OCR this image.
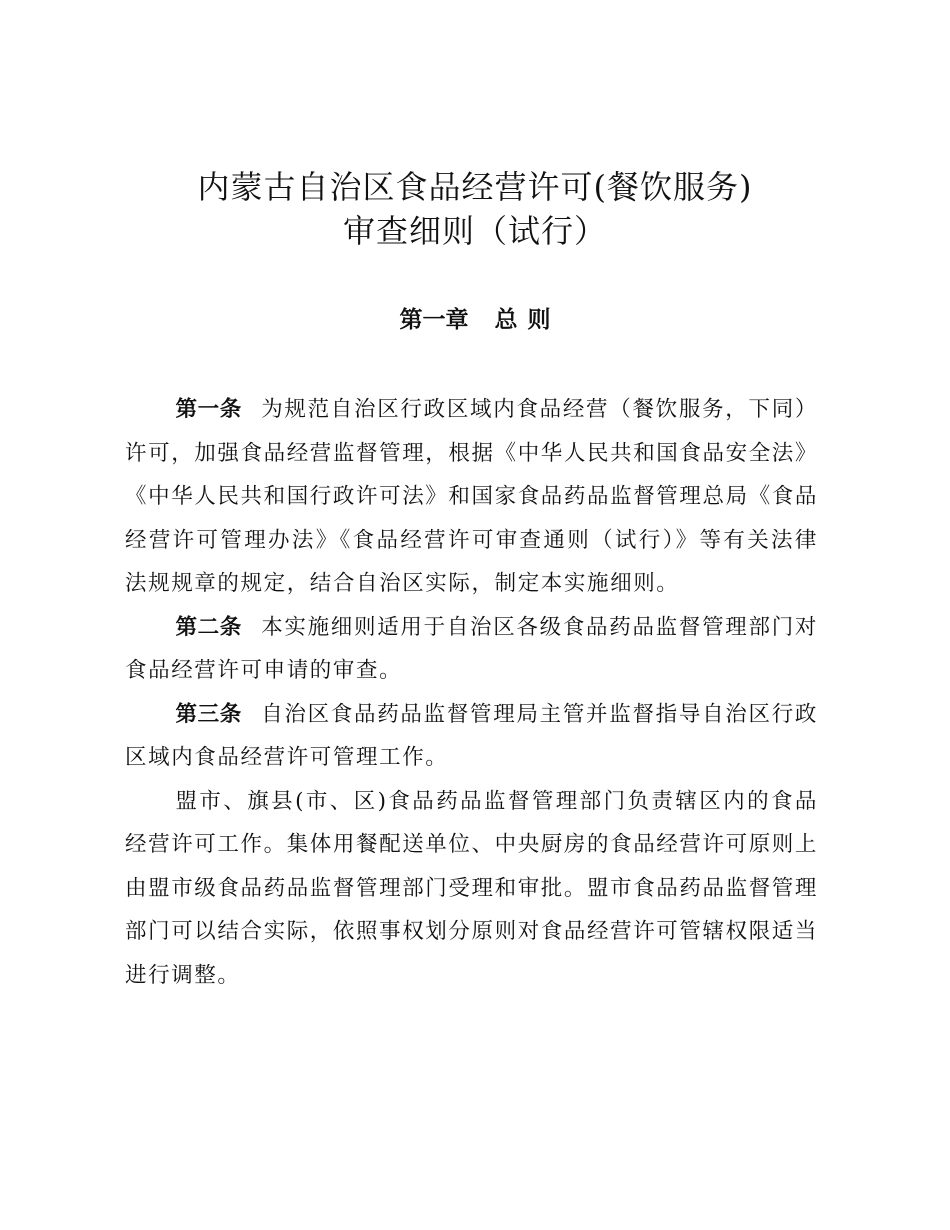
内蒙古自治区食品经营许可(餐饮服务)
审查细则（试行）
第一章 总 则

第一条 为规范自治区行政区域内食品经营（餐饮服务，下同）许可，加强食品经营监督管理，根据《中华人民共和国食品安全法》《中华人民共和国行政许可法》和国家食品药品监督管理总局《食品经营许可管理办法》《食品经营许可审查通则（试行）》等有关法律法规规章的规定，结合自治区实际，制定本实施细则。

第二条 本实施细则适用于自治区各级食品药品监督管理部门对食品经营许可申请的审查。

第三条 自治区食品药品监督管理局主管并监督指导自治区行政区域内食品经营许可管理工作。

盟市、旗县(市、区)食品药品监督管理部门负责辖区内的食品经营许可工作。集体用餐配送单位、中央厨房的食品经营许可原则上由盟市级食品药品监督管理部门受理和审批。盟市食品药品监督管理部门可以结合实际，依照事权划分原则对食品经营许可管辖权限适当进行调整。
